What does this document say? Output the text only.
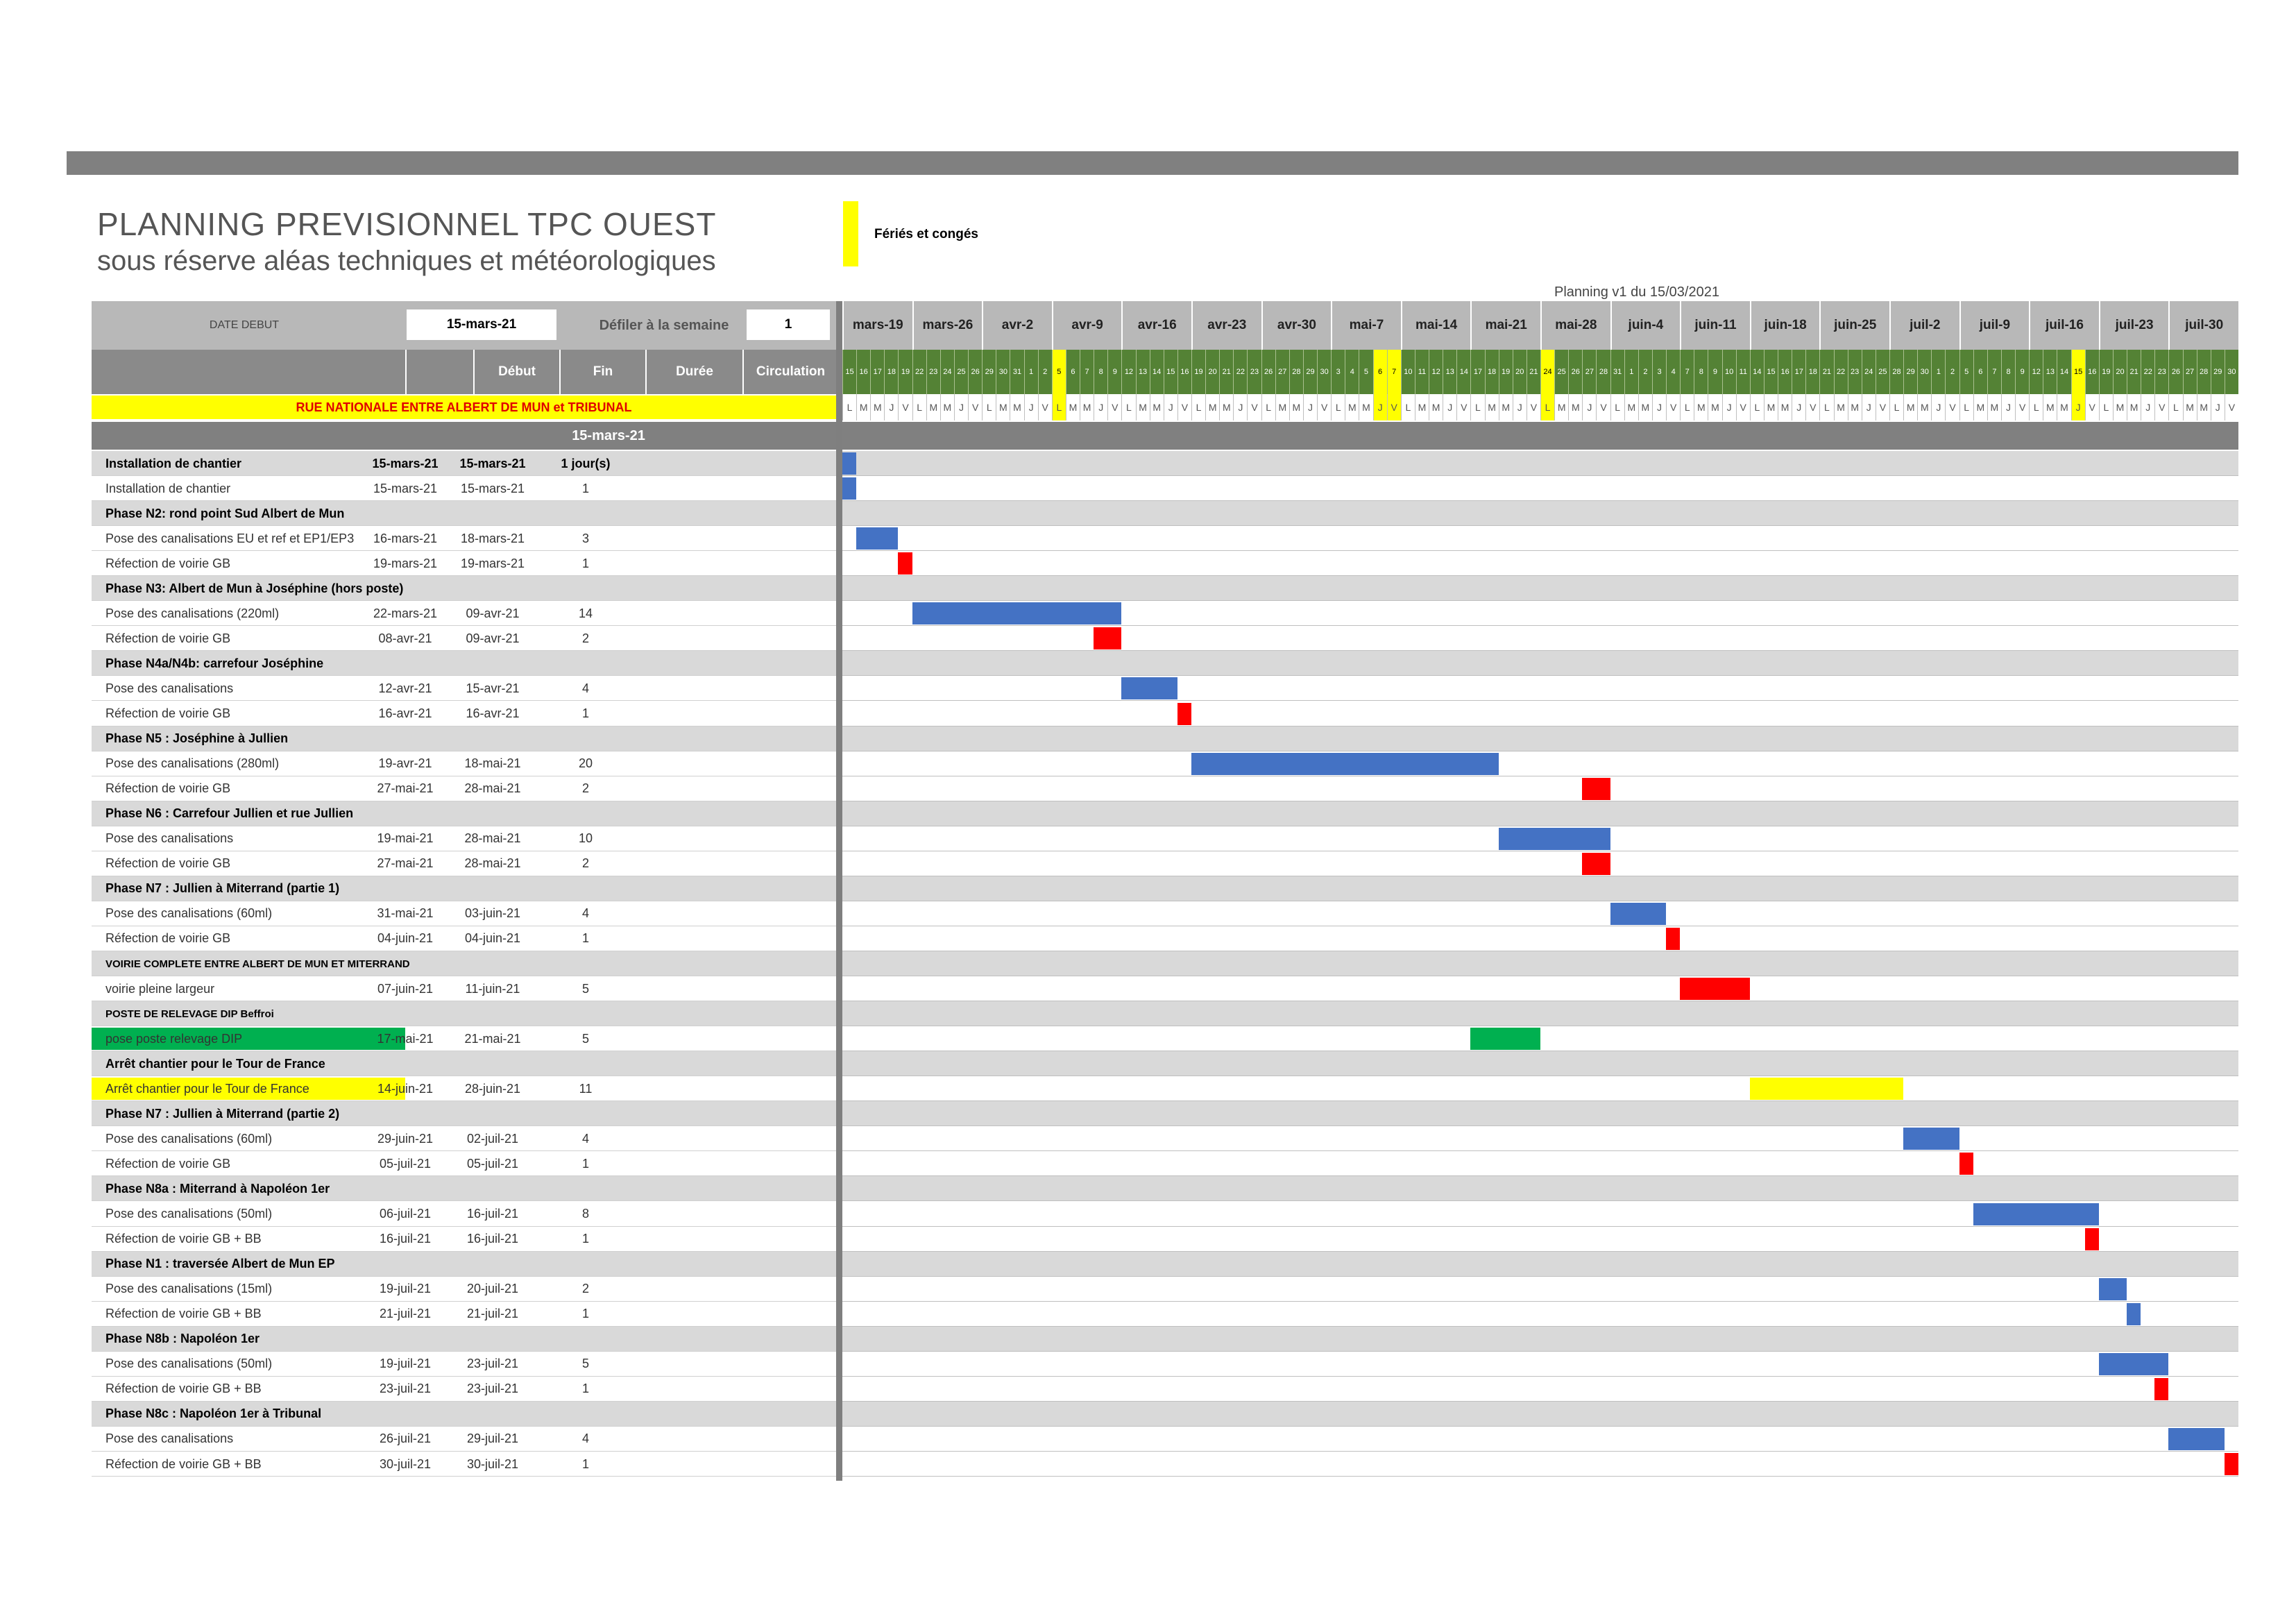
PLANNING PREVISIONNEL TPC OUEST
sous réserve aléas techniques et météorologiques
Fériés et congés
Planning v1 du 15/03/2021
DATE DEBUT	15-mars-21	Défiler à la semaine	1
Début	Fin	Durée	Circulation
RUE NATIONALE ENTRE ALBERT DE MUN et TRIBUNAL
15-mars-21
mars-19	mars-26	avr-2	avr-9	avr-16	avr-23	avr-30	mai-7	mai-14	mai-21	mai-28	juin-4	juin-11	juin-18	juin-25	juil-2	juil-9	juil-16	juil-23	juil-30
15 16 17 18 19 22 23 24 25 26 29 30 31 1	2	5	6	7	8	9 12 13 14 15 16 19 20 21 22 23 26 27 28 29 30 3	4	5	6	7 10 11 12 13 14 17 18 19 20 21 24 25 26 27 28 31 1	2	3	4	7	8	9 10 11 14 15 16 17 18 21 22 23 24 25 28 29 30 1	2	5	6	7	8	9 12 13 14 15 16 19 20 21 22 23 26 27 28 29 30
L M M J V L M M J V L M M J V L M M J V L M M J V L M M J V L M M J V L M M J V L M M J V L M M J V L M M J V L M M J V L M M J V L M M J V L M M J V L M M J V L M M J V L M M J V L M M J V L M M J V
Installation de chantier	15-mars-21	15-mars-21	1 jour(s)
Installation de chantier	15-mars-21	15-mars-21	1
Phase N2: rond point Sud Albert de Mun
Pose des canalisations EU et ref et EP1/EP3	16-mars-21	18-mars-21	3
Réfection de voirie GB	19-mars-21	19-mars-21	1
Phase N3: Albert de Mun à Joséphine (hors poste)
Pose des canalisations (220ml)	22-mars-21	09-avr-21	14
Réfection de voirie GB	08-avr-21	09-avr-21	2
Phase N4a/N4b: carrefour Joséphine
Pose des canalisations	12-avr-21	15-avr-21	4
Réfection de voirie GB	16-avr-21	16-avr-21	1
Phase N5 : Joséphine à Jullien
Pose des canalisations (280ml)	19-avr-21	18-mai-21	20
Réfection de voirie GB	27-mai-21	28-mai-21	2
Phase N6 : Carrefour Jullien et rue Jullien
Pose des canalisations	19-mai-21	28-mai-21	10
Réfection de voirie GB	27-mai-21	28-mai-21	2
Phase N7 : Jullien à Miterrand (partie 1)
Pose des canalisations (60ml)	31-mai-21	03-juin-21	4
Réfection de voirie GB	04-juin-21	04-juin-21	1
VOIRIE COMPLETE ENTRE ALBERT DE MUN ET MITERRAND
voirie pleine largeur	07-juin-21	11-juin-21	5
POSTE DE RELEVAGE DIP Beffroi
pose poste relevage DIP	17-mai-21	21-mai-21	5
Arrêt chantier pour le Tour de France
Arrêt chantier pour le Tour de France	14-juin-21	28-juin-21	11
Phase N7 : Jullien à Miterrand (partie 2)
Pose des canalisations (60ml)	29-juin-21	02-juil-21	4
Réfection de voirie GB	05-juil-21	05-juil-21	1
Phase N8a : Miterrand à Napoléon 1er
Pose des canalisations (50ml)	06-juil-21	16-juil-21	8
Réfection de voirie GB + BB	16-juil-21	16-juil-21	1
Phase N1 : traversée Albert de Mun EP
Pose des canalisations (15ml)	19-juil-21	20-juil-21	2
Réfection de voirie GB + BB	21-juil-21	21-juil-21	1
Phase N8b : Napoléon 1er
Pose des canalisations (50ml)	19-juil-21	23-juil-21	5
Réfection de voirie GB + BB	23-juil-21	23-juil-21	1
Phase N8c : Napoléon 1er à Tribunal
Pose des canalisations	26-juil-21	29-juil-21	4
Réfection de voirie GB + BB	30-juil-21	30-juil-21	1
